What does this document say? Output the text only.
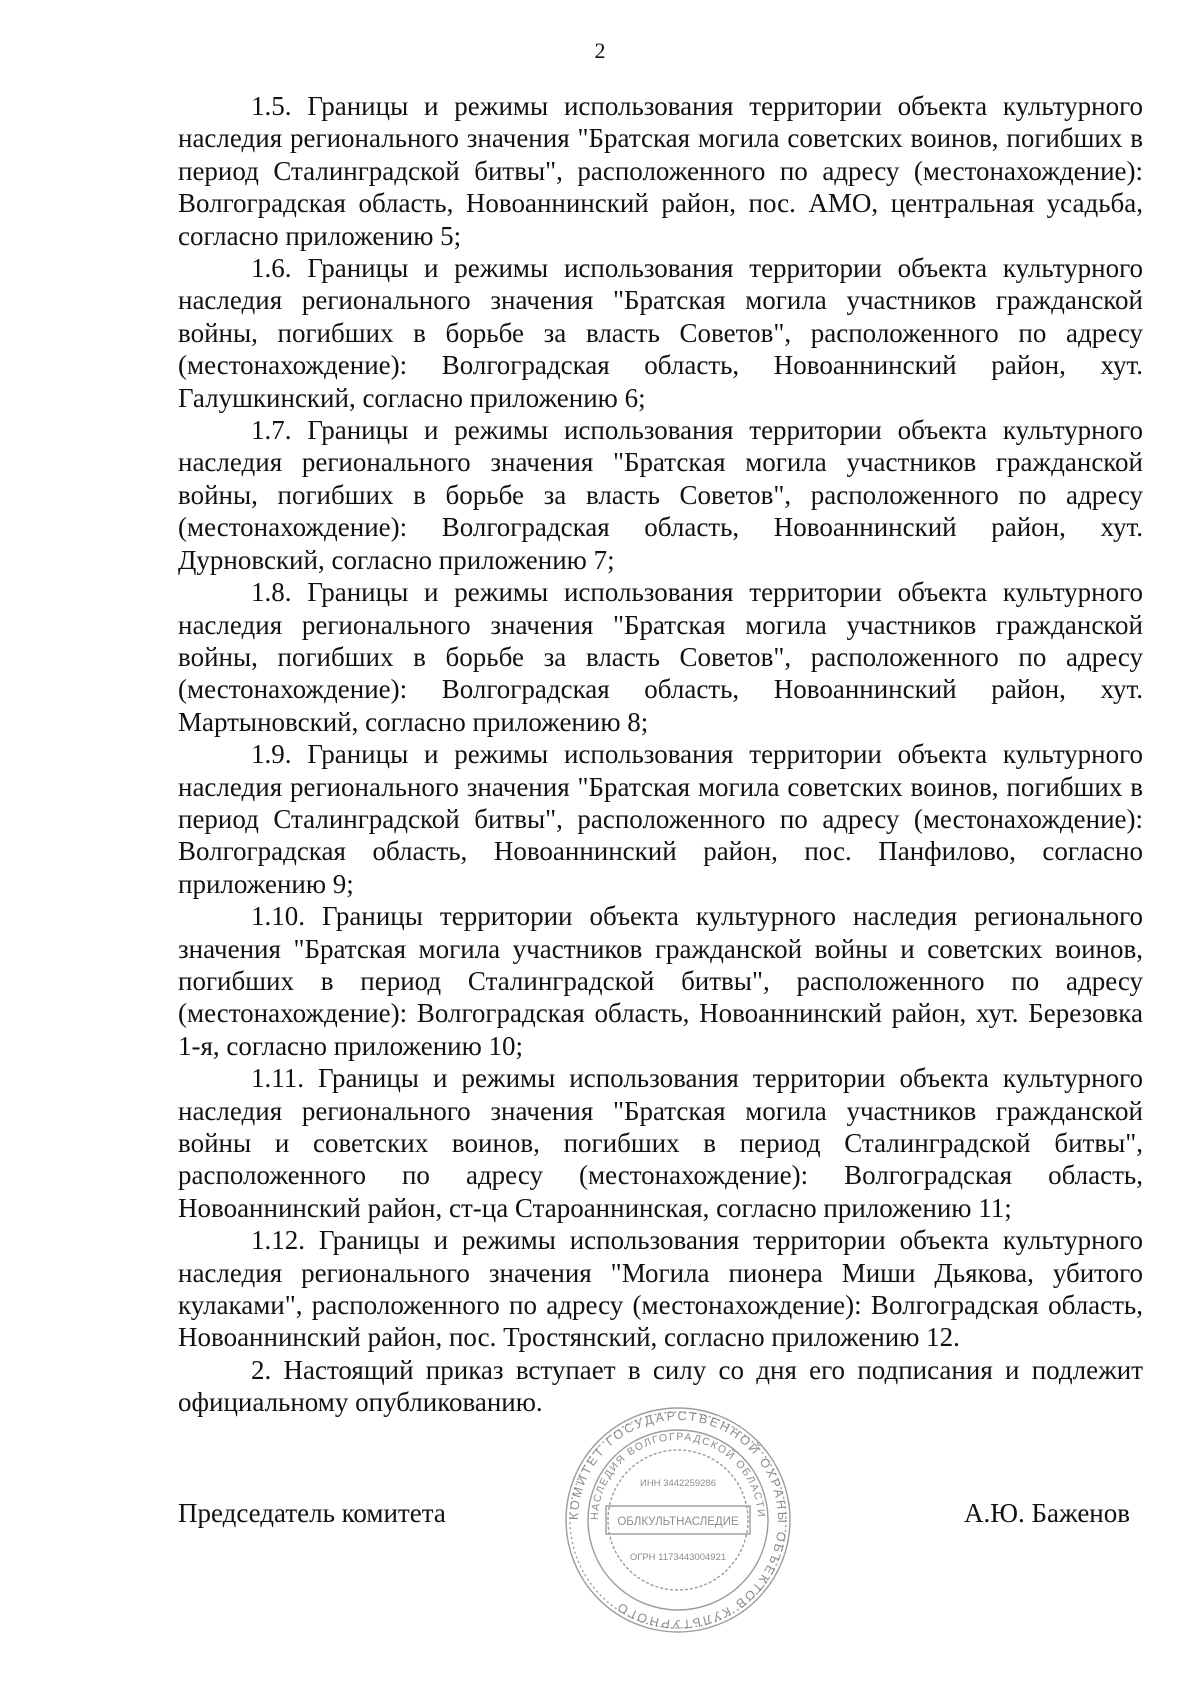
2

1.5. Границы и режимы использования территории объекта культурного наследия регионального значения "Братская могила советских воинов, погибших в период Сталинградской битвы", расположенного по адресу (местонахождение): Волгоградская область, Новоаннинский район, пос. АМО, центральная усадьба, согласно приложению 5;

1.6. Границы и режимы использования территории объекта культурного наследия регионального значения "Братская могила участников гражданской войны, погибших в борьбе за власть Советов", расположенного по адресу (местонахождение): Волгоградская область, Новоаннинский район, хут. Галушкинский, согласно приложению 6;

1.7. Границы и режимы использования территории объекта культурного наследия регионального значения "Братская могила участников гражданской войны, погибших в борьбе за власть Советов", расположенного по адресу (местонахождение): Волгоградская область, Новоаннинский район, хут. Дурновский, согласно приложению 7;

1.8. Границы и режимы использования территории объекта культурного наследия регионального значения "Братская могила участников гражданской войны, погибших в борьбе за власть Советов", расположенного по адресу (местонахождение): Волгоградская область, Новоаннинский район, хут. Мартыновский, согласно приложению 8;

1.9. Границы и режимы использования территории объекта культурного наследия регионального значения "Братская могила советских воинов, погибших в период Сталинградской битвы", расположенного по адресу (местонахождение): Волгоградская область, Новоаннинский район, пос. Панфилово, согласно приложению 9;

1.10. Границы территории объекта культурного наследия регионального значения "Братская могила участников гражданской войны и советских воинов, погибших в период Сталинградской битвы", расположенного по адресу (местонахождение): Волгоградская область, Новоаннинский район, хут. Березовка 1-я, согласно приложению 10;

1.11. Границы и режимы использования территории объекта культурного наследия регионального значения "Братская могила участников гражданской войны и советских воинов, погибших в период Сталинградской битвы", расположенного по адресу (местонахождение): Волгоградская область, Новоаннинский район, ст-ца Староаннинская, согласно приложению 11;

1.12. Границы и режимы использования территории объекта культурного наследия регионального значения "Могила пионера Миши Дьякова, убитого кулаками", расположенного по адресу (местонахождение): Волгоградская область, Новоаннинский район, пос. Тростянский, согласно приложению 12.

2. Настоящий приказ вступает в силу со дня его подписания и подлежит официальному опубликованию.

КОМИТЕТ ГОСУДАРСТВЕННОЙ ОХРАНЫ ОБЪЕКТОВ КУЛЬТУРНОГО
НАСЛЕДИЯ ВОЛГОГРАДСКОЙ ОБЛАСТИ
ИНН 3442259286
ОГРН 1173443004921
ОБЛКУЛЬТНАСЛЕДИЕ
Председатель комитета	А.Ю. Баженов
